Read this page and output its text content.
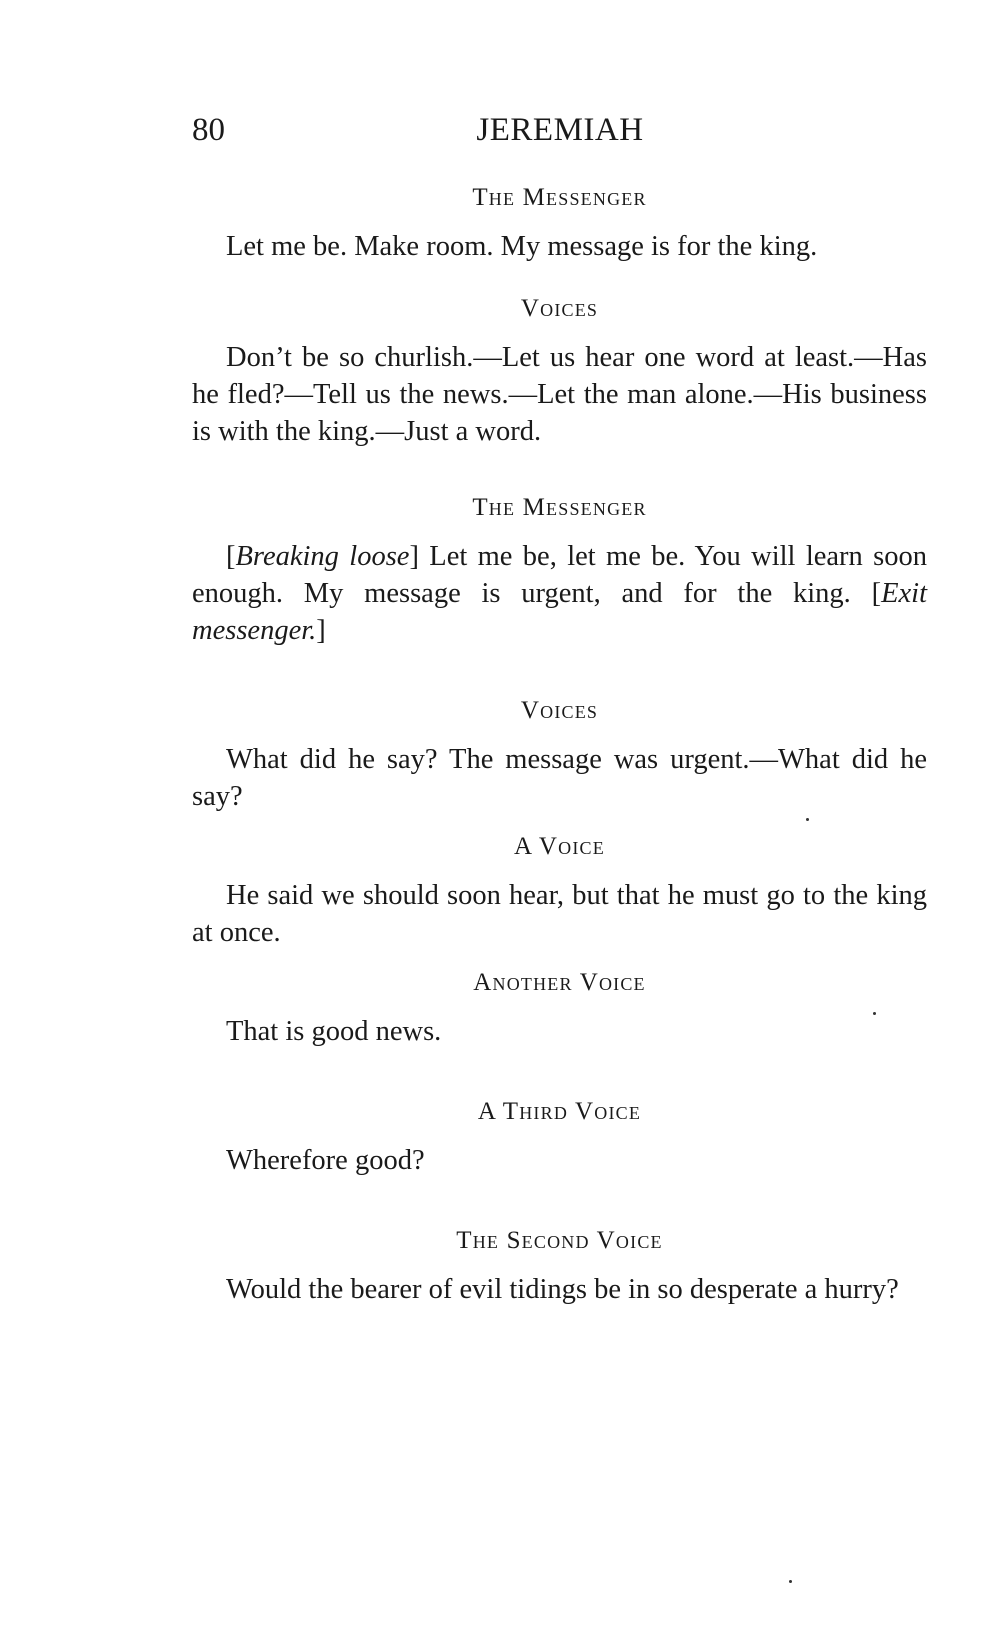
80	JEREMIAH

The Messenger

Let me be. Make room. My message is for the king.

Voices

Don’t be so churlish.—Let us hear one word at least.—Has he fled?—Tell us the news.—Let the man alone.—His business is with the king.—Just a word.

The Messenger

[Breaking loose] Let me be, let me be. You will learn soon enough. My message is urgent, and for the king. [Exit messenger.]

Voices

What did he say? The message was urgent.—What did he say?

A Voice

He said we should soon hear, but that he must go to the king at once.

Another Voice

That is good news.

A Third Voice

Wherefore good?

The Second Voice

Would the bearer of evil tidings be in so desperate a hurry?
